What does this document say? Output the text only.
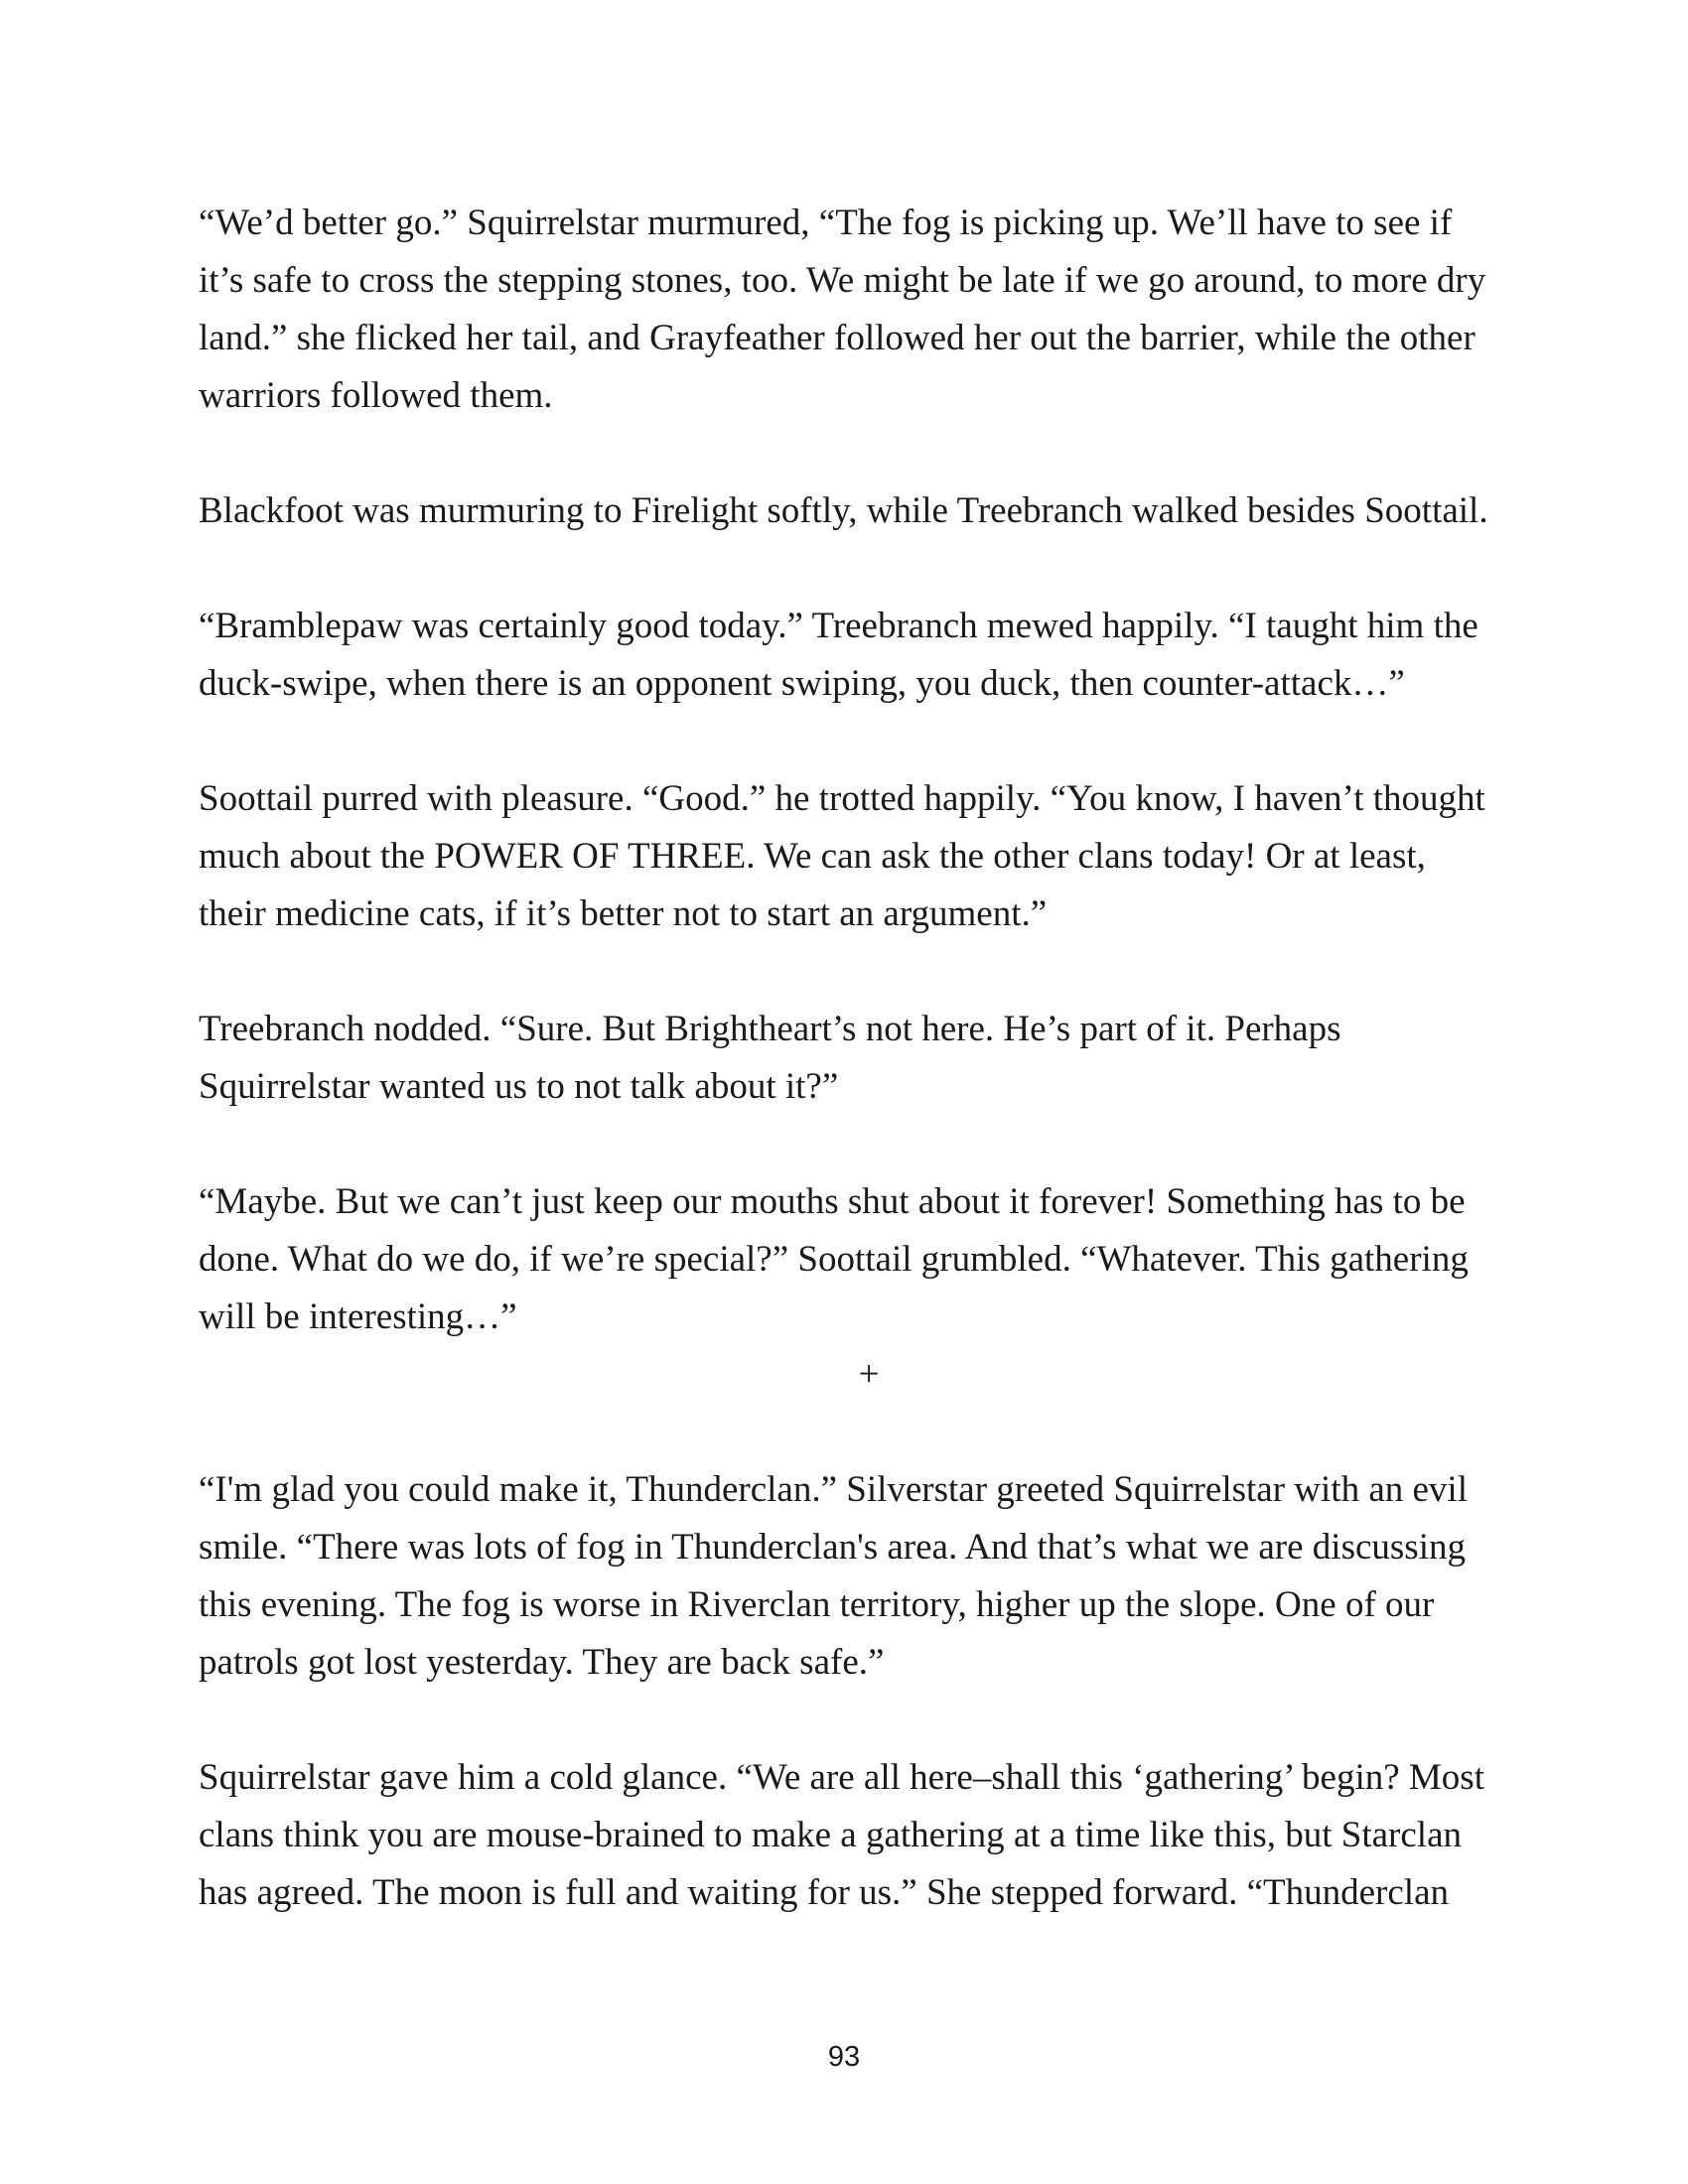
“We’d better go.” Squirrelstar murmured, “The fog is picking up. We’ll have to see if it’s safe to cross the stepping stones, too. We might be late if we go around, to more dry land.” she flicked her tail, and Grayfeather followed her out the barrier, while the other warriors followed them.

Blackfoot was murmuring to Firelight softly, while Treebranch walked besides Soottail.

“Bramblepaw was certainly good today.” Treebranch mewed happily. “I taught him the duck-swipe, when there is an opponent swiping, you duck, then counter-attack…”

Soottail purred with pleasure. “Good.” he trotted happily. “You know, I haven’t thought much about the POWER OF THREE. We can ask the other clans today! Or at least, their medicine cats, if it’s better not to start an argument.”

Treebranch nodded. “Sure. But Brightheart’s not here. He’s part of it. Perhaps Squirrelstar wanted us to not talk about it?”

“Maybe. But we can’t just keep our mouths shut about it forever! Something has to be done. What do we do, if we’re special?” Soottail grumbled. “Whatever. This gathering will be interesting…”

+

“I'm glad you could make it, Thunderclan.” Silverstar greeted Squirrelstar with an evil smile. “There was lots of fog in Thunderclan's area. And that’s what we are discussing this evening. The fog is worse in Riverclan territory, higher up the slope. One of our patrols got lost yesterday. They are back safe.”

Squirrelstar gave him a cold glance. “We are all here–shall this ‘gathering’ begin? Most clans think you are mouse-brained to make a gathering at a time like this, but Starclan has agreed. The moon is full and waiting for us.” She stepped forward. “Thunderclan

93
